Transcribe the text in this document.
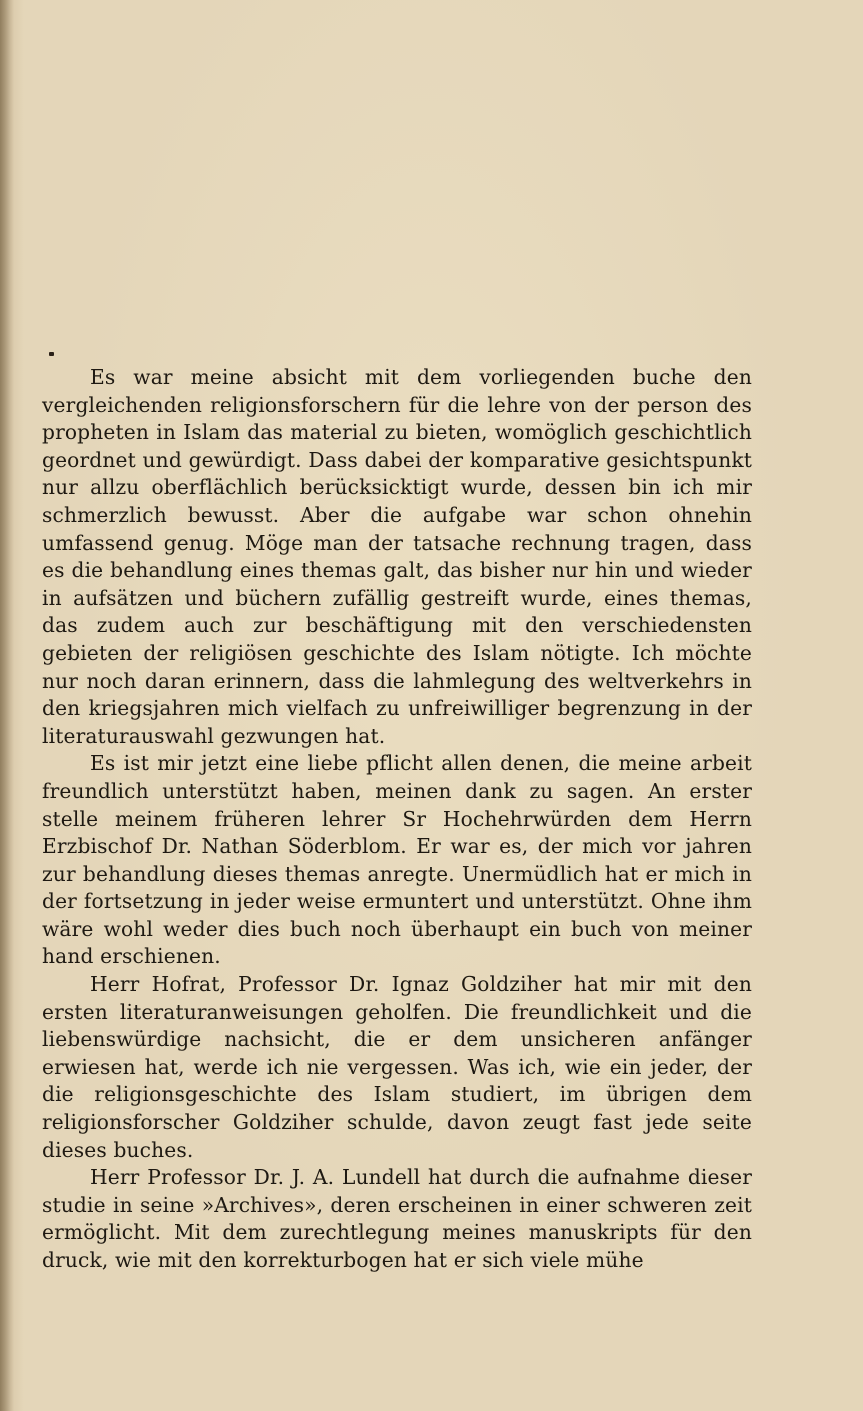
Es war meine absicht mit dem vorliegenden buche den vergleichenden religionsforschern für die lehre von der person des propheten in Islam das material zu bieten, womöglich geschichtlich geordnet und gewürdigt. Dass dabei der komparative gesichtspunkt nur allzu oberflächlich berücksicktigt wurde, dessen bin ich mir schmerzlich bewusst. Aber die aufgabe war schon ohnehin umfassend genug. Möge man der tatsache rechnung tragen, dass es die behandlung eines themas galt, das bisher nur hin und wieder in aufsätzen und büchern zufällig gestreift wurde, eines themas, das zudem auch zur beschäftigung mit den verschiedensten gebieten der religiösen geschichte des Islam nötigte. Ich möchte nur noch daran erinnern, dass die lahmlegung des weltverkehrs in den kriegsjahren mich vielfach zu unfreiwilliger begrenzung in der literaturauswahl gezwungen hat.

Es ist mir jetzt eine liebe pflicht allen denen, die meine arbeit freundlich unterstützt haben, meinen dank zu sagen. An erster stelle meinem früheren lehrer Sr Hochehrwürden dem Herrn Erzbischof Dr. Nathan Söderblom. Er war es, der mich vor jahren zur behandlung dieses themas anregte. Unermüdlich hat er mich in der fortsetzung in jeder weise ermuntert und unterstützt. Ohne ihm wäre wohl weder dies buch noch überhaupt ein buch von meiner hand erschienen.

Herr Hofrat, Professor Dr. Ignaz Goldziher hat mir mit den ersten literaturanweisungen geholfen. Die freundlichkeit und die liebenswürdige nachsicht, die er dem unsicheren anfänger erwiesen hat, werde ich nie vergessen. Was ich, wie ein jeder, der die religionsgeschichte des Islam studiert, im übrigen dem religionsforscher Goldziher schulde, davon zeugt fast jede seite dieses buches.

Herr Professor Dr. J. A. Lundell hat durch die aufnahme dieser studie in seine »Archives», deren erscheinen in einer schweren zeit ermöglicht. Mit dem zurechtlegung meines manuskripts für den druck, wie mit den korrekturbogen hat er sich viele mühe
